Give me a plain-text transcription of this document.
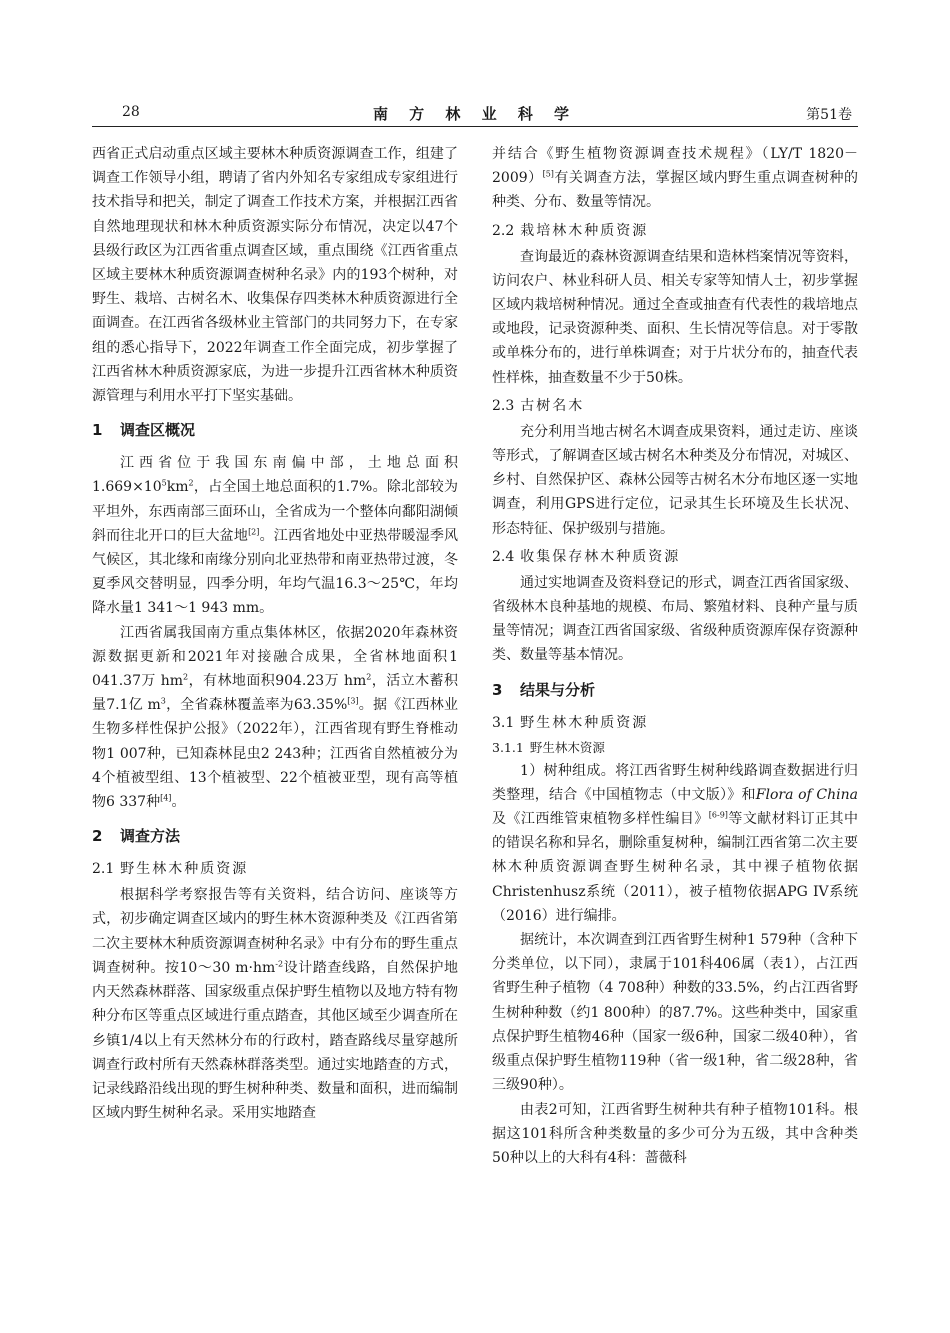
28	南 方 林 业 科 学	第51卷

西省正式启动重点区域主要林木种质资源调查工作，组建了调查工作领导小组，聘请了省内外知名专家组成专家组进行技术指导和把关，制定了调查工作技术方案，并根据江西省自然地理现状和林木种质资源实际分布情况，决定以47个县级行政区为江西省重点调查区域，重点围绕《江西省重点区域主要林木种质资源调查树种名录》内的193个树种，对野生、栽培、古树名木、收集保存四类林木种质资源进行全面调查。在江西省各级林业主管部门的共同努力下，在专家组的悉心指导下，2022年调查工作全面完成，初步掌握了江西省林木种质资源家底，为进一步提升江西省林木种质资源管理与利用水平打下坚实基础。

1 调查区概况

江西省位于我国东南偏中部，土地总面积$1.669\times 10^5km^2$，占全国土地总面积的1.7%。除北部较为平坦外，东西南部三面环山，全省成为一个整体向鄱阳湖倾斜而往北开口的巨大盆地[2]。江西省地处中亚热带暖湿季风气候区，其北缘和南缘分别向北亚热带和南亚热带过渡，冬夏季风交替明显，四季分明，年均气温16.3～25℃，年均降水量1 341～1 943 mm。

江西省属我国南方重点集体林区，依据2020年森林资源数据更新和2021年对接融合成果，全省林地面积1 041.37万 $hm^2$，有林地面积904.23万 $hm^2$，活立木蓄积量7.1亿 $m^3$，全省森林覆盖率为63.35%[3]。据《江西林业生物多样性保护公报》（2022年），江西省现有野生脊椎动物1 007种，已知森林昆虫2 243种；江西省自然植被分为4个植被型组、13个植被型、22个植被亚型，现有高等植物6 337种[4]。

2 调查方法
2.1 野生林木种质资源

根据科学考察报告等有关资料，结合访问、座谈等方式，初步确定调查区域内的野生林木资源种类及《江西省第二次主要林木种质资源调查树种名录》中有分布的野生重点调查树种。按10～30 $m\cdot hm^{-2}$设计踏查线路，自然保护地内天然森林群落、国家级重点保护野生植物以及地方特有物种分布区等重点区域进行重点踏查，其他区域至少调查所在乡镇1/4以上有天然林分布的行政村，踏查路线尽量穿越所调查行政村所有天然森林群落类型。通过实地踏查的方式，记录线路沿线出现的野生树种种类、数量和面积，进而编制区域内野生树种名录。采用实地踏查

并结合《野生植物资源调查技术规程》（LY/T 1820－2009）[5]有关调查方法，掌握区域内野生重点调查树种的种类、分布、数量等情况。

2.2 栽培林木种质资源

查询最近的森林资源调查结果和造林档案情况等资料，访问农户、林业科研人员、相关专家等知情人士，初步掌握区域内栽培树种情况。通过全查或抽查有代表性的栽培地点或地段，记录资源种类、面积、生长情况等信息。对于零散或单株分布的，进行单株调查；对于片状分布的，抽查代表性样株，抽查数量不少于50株。

2.3 古树名木

充分利用当地古树名木调查成果资料，通过走访、座谈等形式，了解调查区域古树名木种类及分布情况，对城区、乡村、自然保护区、森林公园等古树名木分布地区逐一实地调查，利用GPS进行定位，记录其生长环境及生长状况、形态特征、保护级别与措施。

2.4 收集保存林木种质资源

通过实地调查及资料登记的形式，调查江西省国家级、省级林木良种基地的规模、布局、繁殖材料、良种产量与质量等情况；调查江西省国家级、省级种质资源库保存资源种类、数量等基本情况。

3 结果与分析
3.1 野生林木种质资源
3.1.1 野生林木资源

1）树种组成。将江西省野生树种线路调查数据进行归类整理，结合《中国植物志（中文版）》和Flora of China及《江西维管束植物多样性编目》[6-9]等文献材料订正其中的错误名称和异名，删除重复树种，编制江西省第二次主要林木种质资源调查野生树种名录，其中裸子植物依据Christenhusz系统（2011），被子植物依据APG IV系统（2016）进行编排。

据统计，本次调查到江西省野生树种1 579种（含种下分类单位，以下同），隶属于101科406属（表1），占江西省野生种子植物（4 708种）种数的33.5%，约占江西省野生树种种数（约1 800种）的87.7%。这些种类中，国家重点保护野生植物46种（国家一级6种，国家二级40种），省级重点保护野生植物119种（省一级1种，省二级28种，省三级90种）。

由表2可知，江西省野生树种共有种子植物101科。根据这101科所含种类数量的多少可分为五级，其中含种类50种以上的大科有4科：蔷薇科
